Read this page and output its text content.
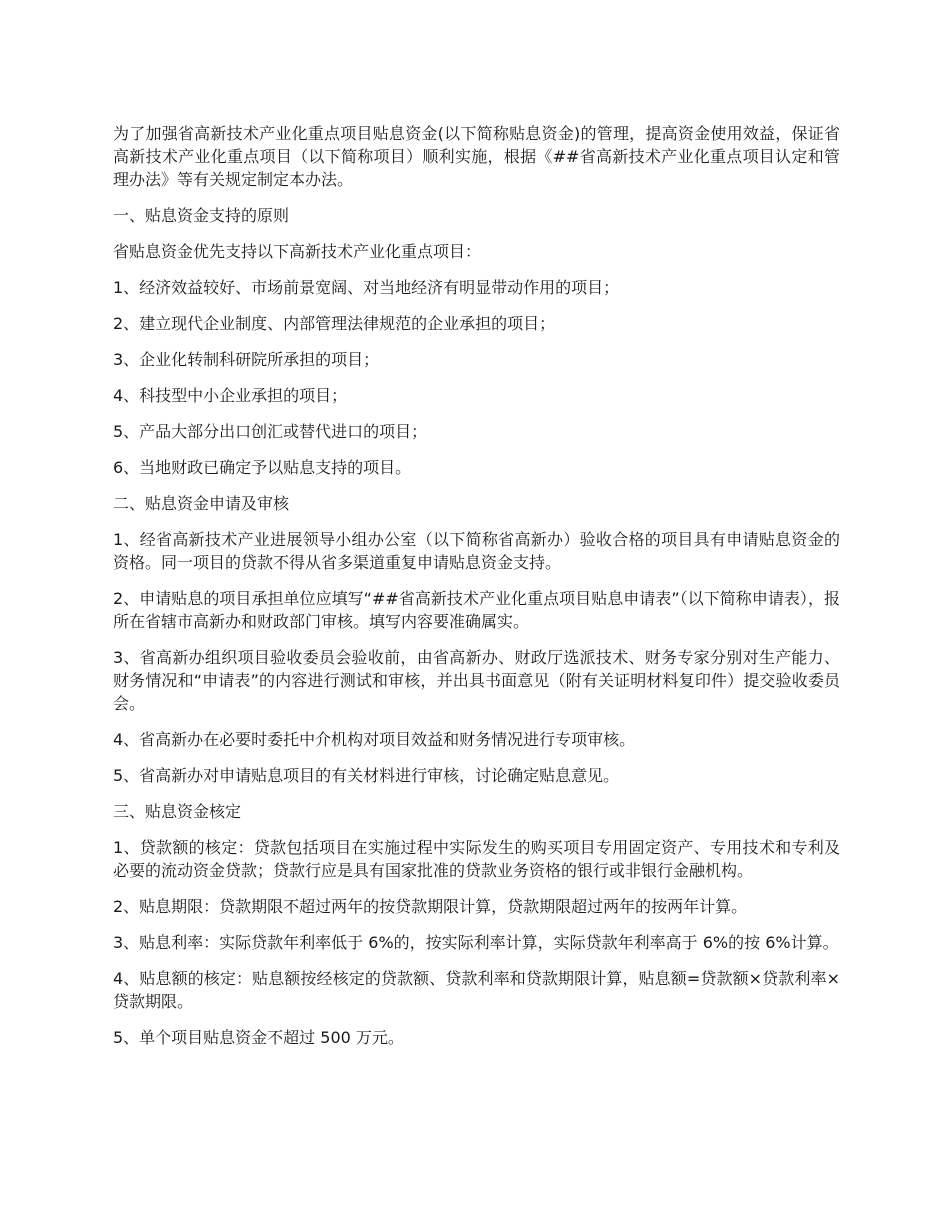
为了加强省高新技术产业化重点项目贴息资金(以下简称贴息资金)的管理，提高资金使用效益，保证省高新技术产业化重点项目（以下简称项目）顺利实施，根据《##省高新技术产业化重点项目认定和管理办法》等有关规定制定本办法。

一、贴息资金支持的原则

省贴息资金优先支持以下高新技术产业化重点项目：

1、经济效益较好、市场前景宽阔、对当地经济有明显带动作用的项目；

2、建立现代企业制度、内部管理法律规范的企业承担的项目；

3、企业化转制科研院所承担的项目；

4、科技型中小企业承担的项目；

5、产品大部分出口创汇或替代进口的项目；

6、当地财政已确定予以贴息支持的项目。

二、贴息资金申请及审核

1、经省高新技术产业进展领导小组办公室（以下简称省高新办）验收合格的项目具有申请贴息资金的资格。同一项目的贷款不得从省多渠道重复申请贴息资金支持。

2、申请贴息的项目承担单位应填写“##省高新技术产业化重点项目贴息申请表”（以下简称申请表），报所在省辖市高新办和财政部门审核。填写内容要准确属实。

3、省高新办组织项目验收委员会验收前，由省高新办、财政厅选派技术、财务专家分别对生产能力、财务情况和“申请表”的内容进行测试和审核，并出具书面意见（附有关证明材料复印件）提交验收委员会。

4、省高新办在必要时委托中介机构对项目效益和财务情况进行专项审核。

5、省高新办对申请贴息项目的有关材料进行审核，讨论确定贴息意见。

三、贴息资金核定

1、贷款额的核定：贷款包括项目在实施过程中实际发生的购买项目专用固定资产、专用技术和专利及必要的流动资金贷款；贷款行应是具有国家批准的贷款业务资格的银行或非银行金融机构。

2、贴息期限：贷款期限不超过两年的按贷款期限计算，贷款期限超过两年的按两年计算。

3、贴息利率：实际贷款年利率低于 6%的，按实际利率计算，实际贷款年利率高于 6%的按 6%计算。

4、贴息额的核定：贴息额按经核定的贷款额、贷款利率和贷款期限计算，贴息额=贷款额×贷款利率×贷款期限。

5、单个项目贴息资金不超过 500 万元。
